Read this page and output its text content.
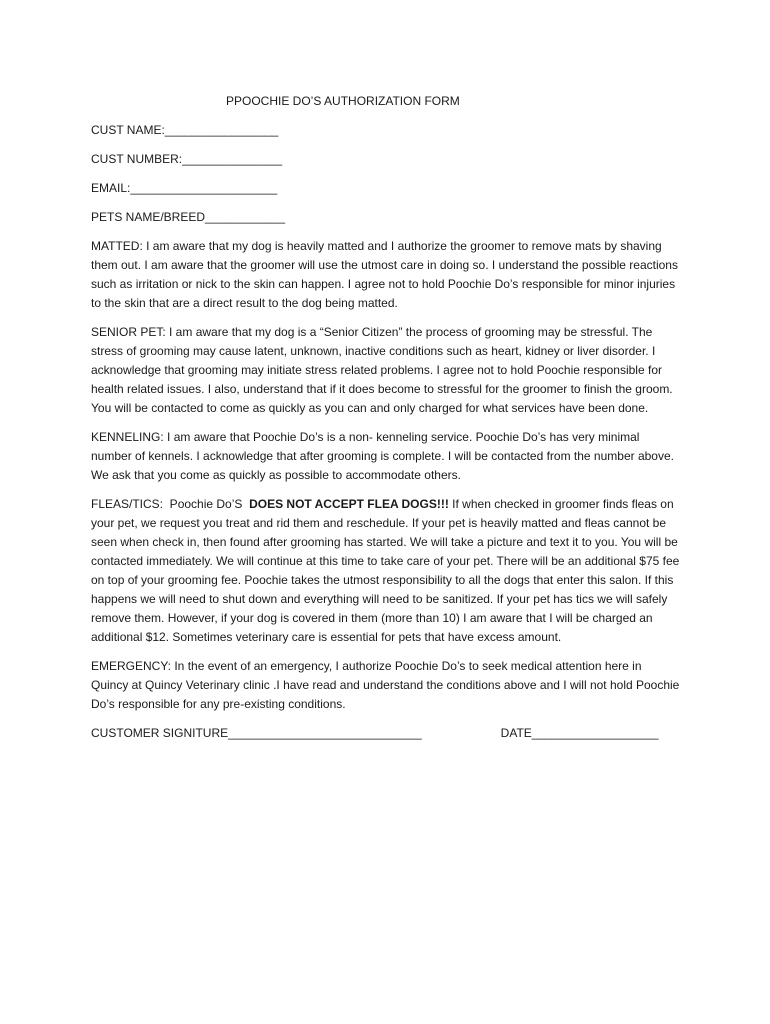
PPOOCHIE DO’S AUTHORIZATION FORM
CUST NAME:_________________
CUST NUMBER:_______________
EMAIL:______________________
PETS NAME/BREED____________

MATTED: I am aware that my dog is heavily matted and I authorize the groomer to remove mats by shaving them out. I am aware that the groomer will use the utmost care in doing so. I understand the possible reactions such as irritation or nick to the skin can happen. I agree not to hold Poochie Do’s responsible for minor injuries to the skin that are a direct result to the dog being matted.

SENIOR PET: I am aware that my dog is a “Senior Citizen” the process of grooming may be stressful. The stress of grooming may cause latent, unknown, inactive conditions such as heart, kidney or liver disorder. I acknowledge that grooming may initiate stress related problems. I agree not to hold Poochie responsible for health related issues. I also, understand that if it does become to stressful for the groomer to finish the groom. You will be contacted to come as quickly as you can and only charged for what services have been done.

KENNELING: I am aware that Poochie Do’s is a non- kenneling service. Poochie Do’s has very minimal number of kennels. I acknowledge that after grooming is complete. I will be contacted from the number above. We ask that you come as quickly as possible to accommodate others.

FLEAS/TICS:  Poochie Do’S  DOES NOT ACCEPT FLEA DOGS!!! If when checked in groomer finds fleas on your pet, we request you treat and rid them and reschedule. If your pet is heavily matted and fleas cannot be seen when check in, then found after grooming has started. We will take a picture and text it to you. You will be contacted immediately. We will continue at this time to take care of your pet. There will be an additional $75 fee on top of your grooming fee. Poochie takes the utmost responsibility to all the dogs that enter this salon. If this happens we will need to shut down and everything will need to be sanitized. If your pet has tics we will safely remove them. However, if your dog is covered in them (more than 10) I am aware that I will be charged an additional $12. Sometimes veterinary care is essential for pets that have excess amount.

EMERGENCY: In the event of an emergency, I authorize Poochie Do’s to seek medical attention here in Quincy at Quincy Veterinary clinic .I have read and understand the conditions above and I will not hold Poochie Do’s responsible for any pre-existing conditions.

CUSTOMER SIGNITURE_____________________________	DATE___________________
